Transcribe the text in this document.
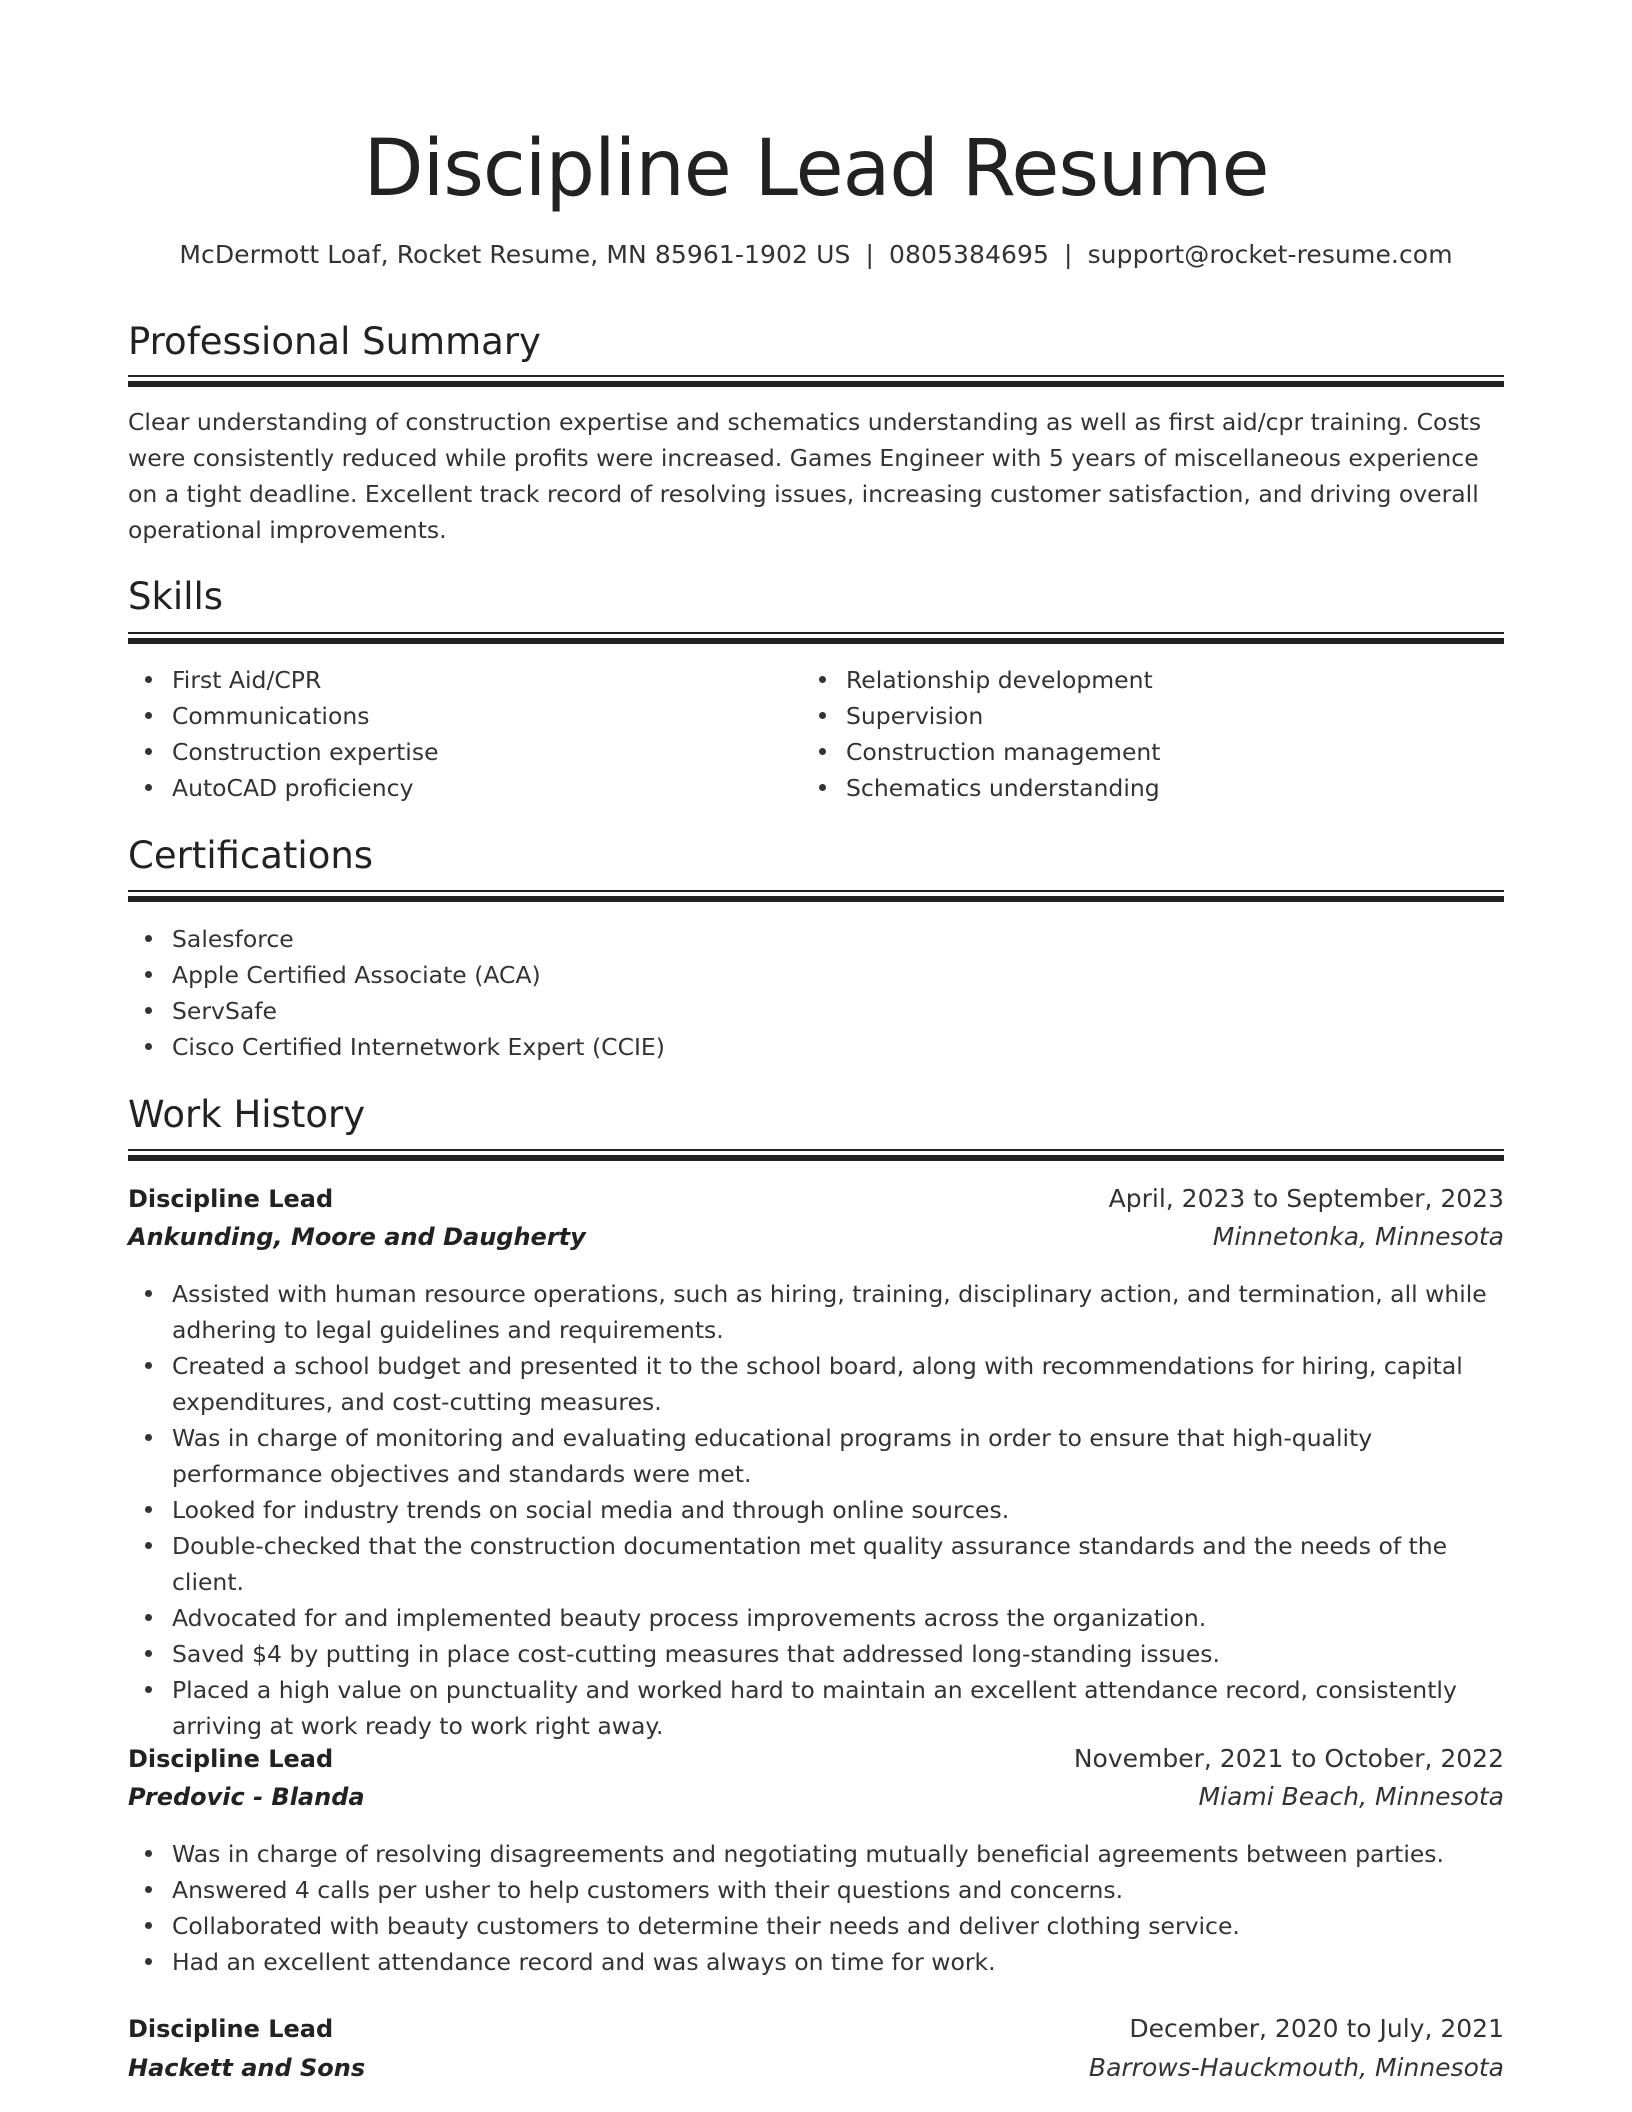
Discipline Lead Resume
McDermott Loaf, Rocket Resume, MN 85961-1902 US | 0805384695 | support@rocket-resume.com
Professional Summary

Clear understanding of construction expertise and schematics understanding as well as first aid/cpr training. Costs were consistently reduced while profits were increased. Games Engineer with 5 years of miscellaneous experience on a tight deadline. Excellent track record of resolving issues, increasing customer satisfaction, and driving overall operational improvements.

Skills
First Aid/CPR
Communications
Construction expertise
AutoCAD proficiency
Relationship development
Supervision
Construction management
Schematics understanding
Certifications
Salesforce
Apple Certified Associate (ACA)
ServSafe
Cisco Certified Internetwork Expert (CCIE)
Work History
Discipline Lead	April, 2023 to September, 2023
Ankunding, Moore and Daugherty	Minnetonka, Minnesota
Assisted with human resource operations, such as hiring, training, disciplinary action, and termination, all while adhering to legal guidelines and requirements.
Created a school budget and presented it to the school board, along with recommendations for hiring, capital expenditures, and cost-cutting measures.
Was in charge of monitoring and evaluating educational programs in order to ensure that high-quality performance objectives and standards were met.
Looked for industry trends on social media and through online sources.
Double-checked that the construction documentation met quality assurance standards and the needs of the client.
Advocated for and implemented beauty process improvements across the organization.
Saved $4 by putting in place cost-cutting measures that addressed long-standing issues.
Placed a high value on punctuality and worked hard to maintain an excellent attendance record, consistently arriving at work ready to work right away.
Discipline Lead	November, 2021 to October, 2022
Predovic - Blanda	Miami Beach, Minnesota
Was in charge of resolving disagreements and negotiating mutually beneficial agreements between parties.
Answered 4 calls per usher to help customers with their questions and concerns.
Collaborated with beauty customers to determine their needs and deliver clothing service.
Had an excellent attendance record and was always on time for work.
Discipline Lead	December, 2020 to July, 2021
Hackett and Sons	Barrows-Hauckmouth, Minnesota
